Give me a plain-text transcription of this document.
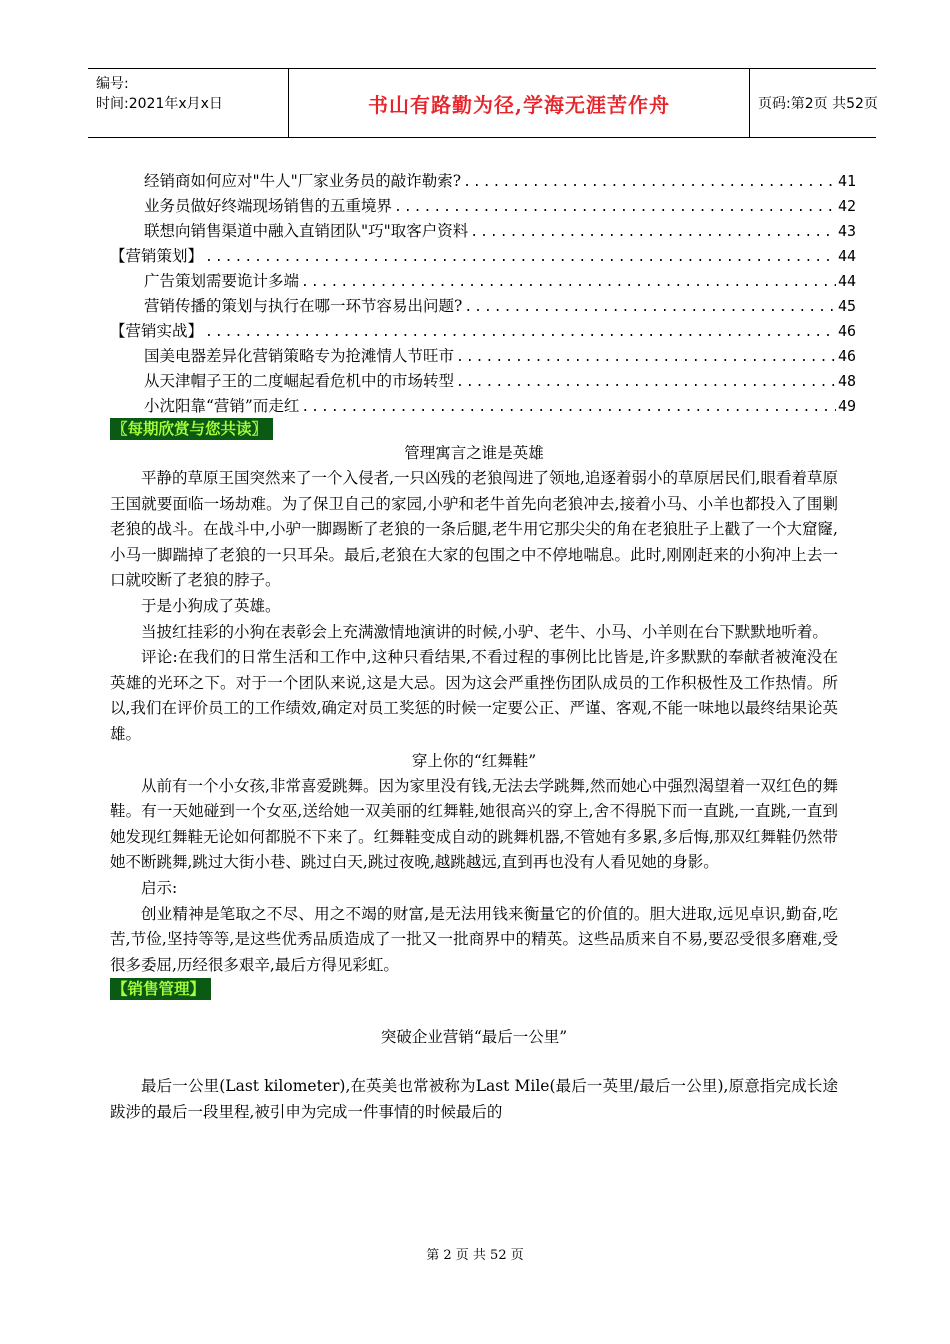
编号:
时间:2021年x月x日	书山有路勤为径,学海无涯苦作舟	页码:第2页 共52页
经销商如何应对"牛人"厂家业务员的敲诈勒索? .....	41
业务员做好终端现场销售的五重境界 .....	42
联想向销售渠道中融入直销团队"巧"取客户资料 .....	43
【营销策划】 .....	44
广告策划需要诡计多端 .....	44
营销传播的策划与执行在哪一环节容易出问题? .....	45
【营销实战】 .....	46
国美电器差异化营销策略专为抢滩情人节旺市 .....	46
从天津帽子王的二度崛起看危机中的市场转型 .....	48
小沈阳靠“营销”而走红 .....	49
〖每期欣赏与您共读〗

管理寓言之谁是英雄

平静的草原王国突然来了一个入侵者,一只凶残的老狼闯进了领地,追逐着弱小的草原居民们,眼看着草原王国就要面临一场劫难。为了保卫自己的家园,小驴和老牛首先向老狼冲去,接着小马、小羊也都投入了围剿老狼的战斗。在战斗中,小驴一脚踢断了老狼的一条后腿,老牛用它那尖尖的角在老狼肚子上戳了一个大窟窿,小马一脚踹掉了老狼的一只耳朵。最后,老狼在大家的包围之中不停地喘息。此时,刚刚赶来的小狗冲上去一口就咬断了老狼的脖子。

于是小狗成了英雄。

当披红挂彩的小狗在表彰会上充满激情地演讲的时候,小驴、老牛、小马、小羊则在台下默默地听着。

评论:在我们的日常生活和工作中,这种只看结果,不看过程的事例比比皆是,许多默默的奉献者被淹没在英雄的光环之下。对于一个团队来说,这是大忌。因为这会严重挫伤团队成员的工作积极性及工作热情。所以,我们在评价员工的工作绩效,确定对员工奖惩的时候一定要公正、严谨、客观,不能一味地以最终结果论英雄。

穿上你的“红舞鞋”

从前有一个小女孩,非常喜爱跳舞。因为家里没有钱,无法去学跳舞,然而她心中强烈渴望着一双红色的舞鞋。有一天她碰到一个女巫,送给她一双美丽的红舞鞋,她很高兴的穿上,舍不得脱下而一直跳,一直跳,一直到她发现红舞鞋无论如何都脱不下来了。红舞鞋变成自动的跳舞机器,不管她有多累,多后悔,那双红舞鞋仍然带她不断跳舞,跳过大街小巷、跳过白天,跳过夜晚,越跳越远,直到再也没有人看见她的身影。

启示:

创业精神是笔取之不尽、用之不竭的财富,是无法用钱来衡量它的价值的。胆大进取,远见卓识,勤奋,吃苦,节俭,坚持等等,是这些优秀品质造成了一批又一批商界中的精英。这些品质来自不易,要忍受很多磨难,受很多委屈,历经很多艰辛,最后方得见彩虹。

【销售管理】

突破企业营销“最后一公里”

最后一公里(Last kilometer),在英美也常被称为Last Mile(最后一英里/最后一公里),原意指完成长途跋涉的最后一段里程,被引申为完成一件事情的时候最后的

第 2 页 共 52 页
